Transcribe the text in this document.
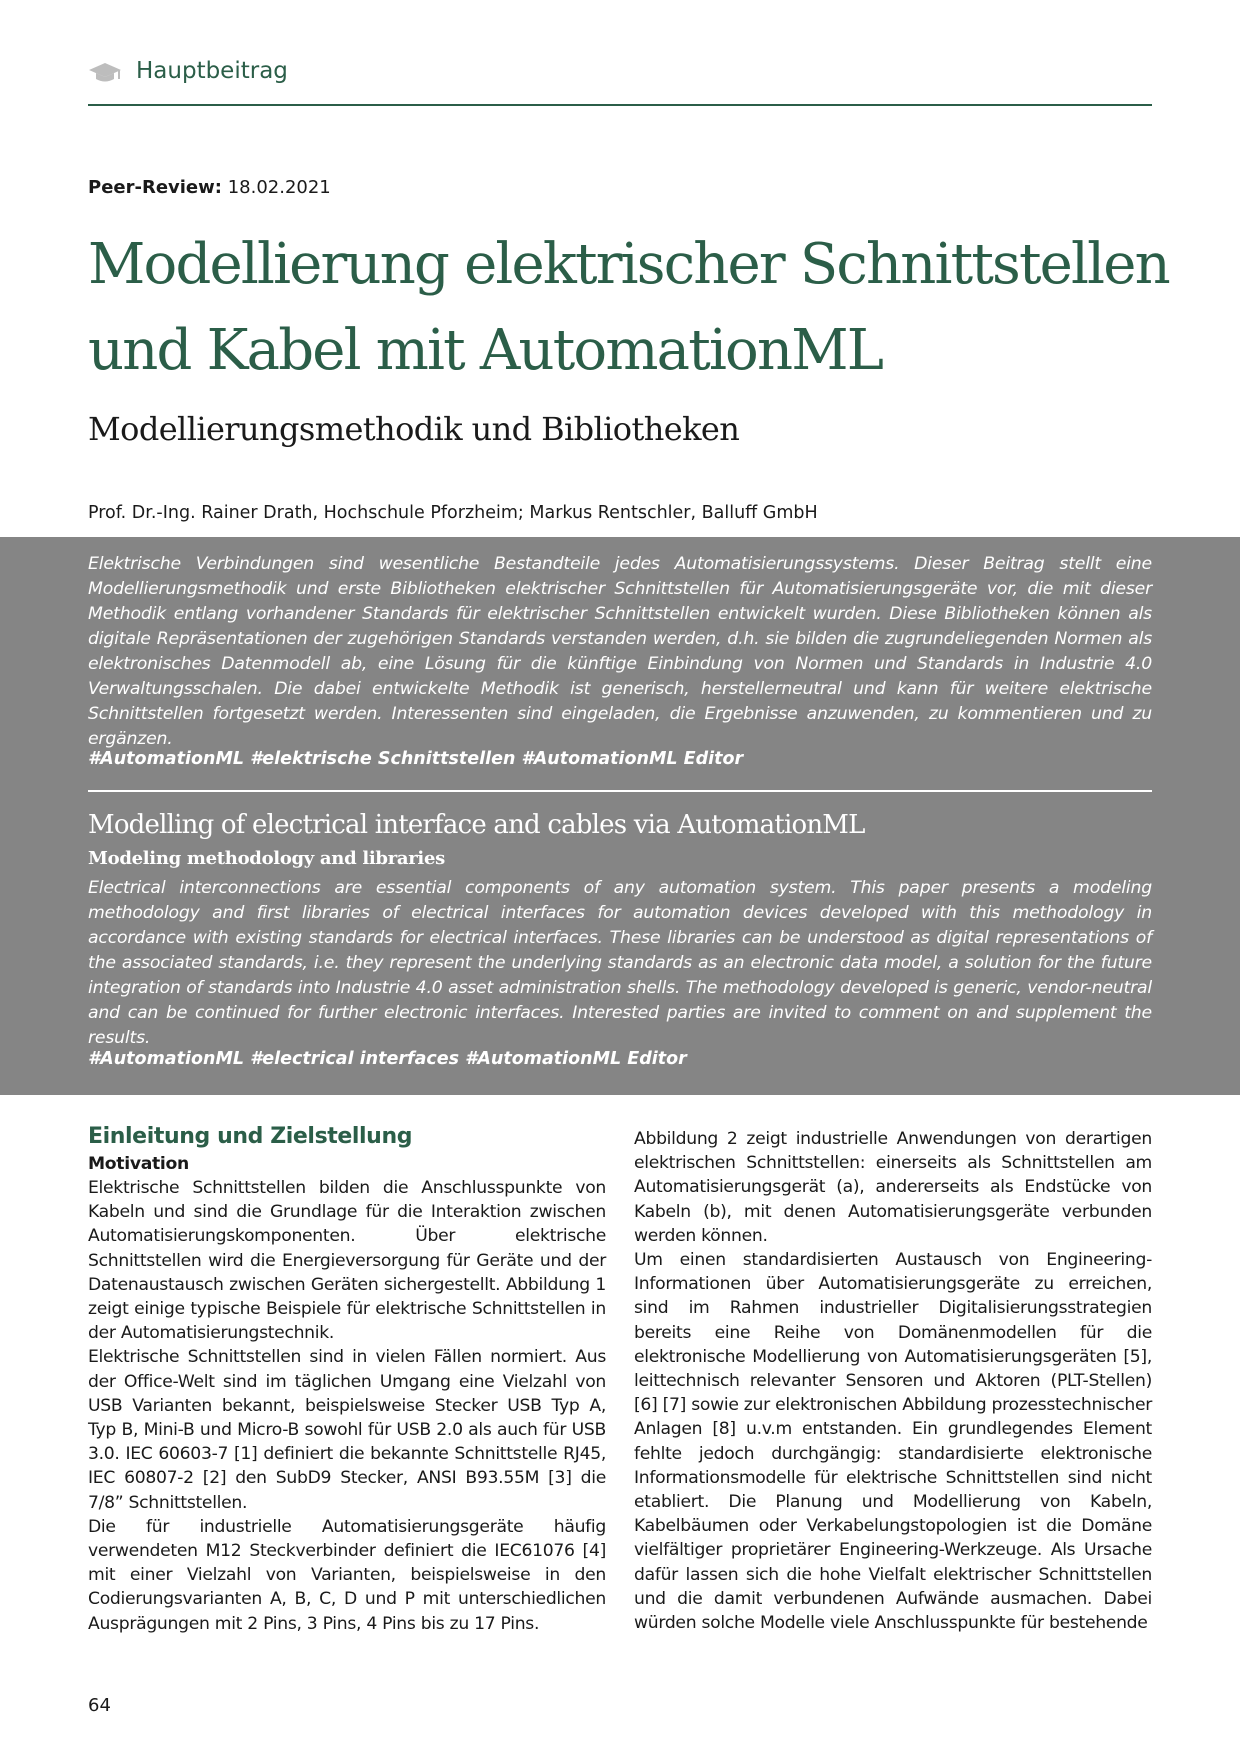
Hauptbeitrag
Peer-Review: 18.02.2021
Modellierung elektrischer Schnittstellen
und Kabel mit AutomationML
Modellierungsmethodik und Bibliotheken
Prof. Dr.-Ing. Rainer Drath, Hochschule Pforzheim; Markus Rentschler, Balluff GmbH
Elektrische Verbindungen sind wesentliche Bestandteile jedes Automatisierungssystems. Dieser Beitrag stellt eine Modellierungsmethodik und erste Bibliotheken elektrischer Schnittstellen für Automatisierungsgeräte vor, die mit dieser Methodik entlang vorhandener Standards für elektrischer Schnittstellen entwickelt wurden. Diese Bibliotheken können als digitale Repräsentationen der zugehörigen Standards verstanden werden, d.h. sie bilden die zugrundeliegenden Normen als elektronisches Datenmodell ab, eine Lösung für die künftige Einbindung von Normen und Standards in Industrie 4.0 Verwaltungsschalen. Die dabei entwickelte Methodik ist generisch, herstellerneutral und kann für weitere elektrische Schnittstellen fortgesetzt werden. Interessenten sind eingeladen, die Ergebnisse anzuwenden, zu kommentieren und zu ergänzen.
#AutomationML #elektrische Schnittstellen #AutomationML Editor
Modelling of electrical interface and cables via AutomationML
Modeling methodology and libraries
Electrical interconnections are essential components of any automation system. This paper presents a modeling methodology and first libraries of electrical interfaces for automation devices developed with this methodology in accordance with existing standards for electrical interfaces. These libraries can be understood as digital representations of the associated standards, i.e. they represent the underlying standards as an electronic data model, a solution for the future integration of standards into Industrie 4.0 asset administration shells. The methodology developed is generic, vendor-neutral and can be continued for further electronic interfaces. Interested parties are invited to comment on and supplement the results.
#AutomationML #electrical interfaces #AutomationML Editor
Einleitung und Zielstellung
Motivation

Elektrische Schnittstellen bilden die Anschlusspunkte von Kabeln und sind die Grundlage für die Interaktion zwischen Automatisierungskomponenten. Über elektrische Schnittstellen wird die Energieversorgung für Geräte und der Datenaustausch zwischen Geräten sichergestellt. Abbildung 1 zeigt einige typische Beispiele für elektrische Schnittstellen in der Automatisierungstechnik.

Elektrische Schnittstellen sind in vielen Fällen normiert. Aus der Office-Welt sind im täglichen Umgang eine Vielzahl von USB Varianten bekannt, beispielsweise Stecker USB Typ A, Typ B, Mini-B und Micro-B sowohl für USB 2.0 als auch für USB 3.0. IEC 60603-7 [1] definiert die bekannte Schnittstelle RJ45, IEC 60807-2 [2] den SubD9 Stecker, ANSI B93.55M [3] die 7/8” Schnittstellen.

Die für industrielle Automatisierungsgeräte häufig verwendeten M12 Steckverbinder definiert die IEC61076 [4] mit einer Vielzahl von Varianten, beispielsweise in den Codierungsvarianten A, B, C, D und P mit unterschiedlichen Ausprägungen mit 2 Pins, 3 Pins, 4 Pins bis zu 17 Pins.

Abbildung 2 zeigt industrielle Anwendungen von derartigen elektrischen Schnittstellen: einerseits als Schnittstellen am Automatisierungsgerät (a), andererseits als Endstücke von Kabeln (b), mit denen Automatisierungsgeräte verbunden werden können.

Um einen standardisierten Austausch von Engineering-Informationen über Automatisierungsgeräte zu erreichen, sind im Rahmen industrieller Digitalisierungsstrategien bereits eine Reihe von Domänenmodellen für die elektronische Modellierung von Automatisierungsgeräten [5], leittechnisch relevanter Sensoren und Aktoren (PLT-Stellen) [6] [7] sowie zur elektronischen Abbildung prozesstechnischer Anlagen [8] u.v.m entstanden. Ein grundlegendes Element fehlte jedoch durchgängig: standardisierte elektronische Informationsmodelle für elektrische Schnittstellen sind nicht etabliert. Die Planung und Modellierung von Kabeln, Kabelbäumen oder Verkabelungstopologien ist die Domäne vielfältiger proprietärer Engineering-Werkzeuge. Als Ursache dafür lassen sich die hohe Vielfalt elektrischer Schnittstellen und die damit verbundenen Aufwände ausmachen. Dabei würden solche Modelle viele Anschlusspunkte für bestehende

64
